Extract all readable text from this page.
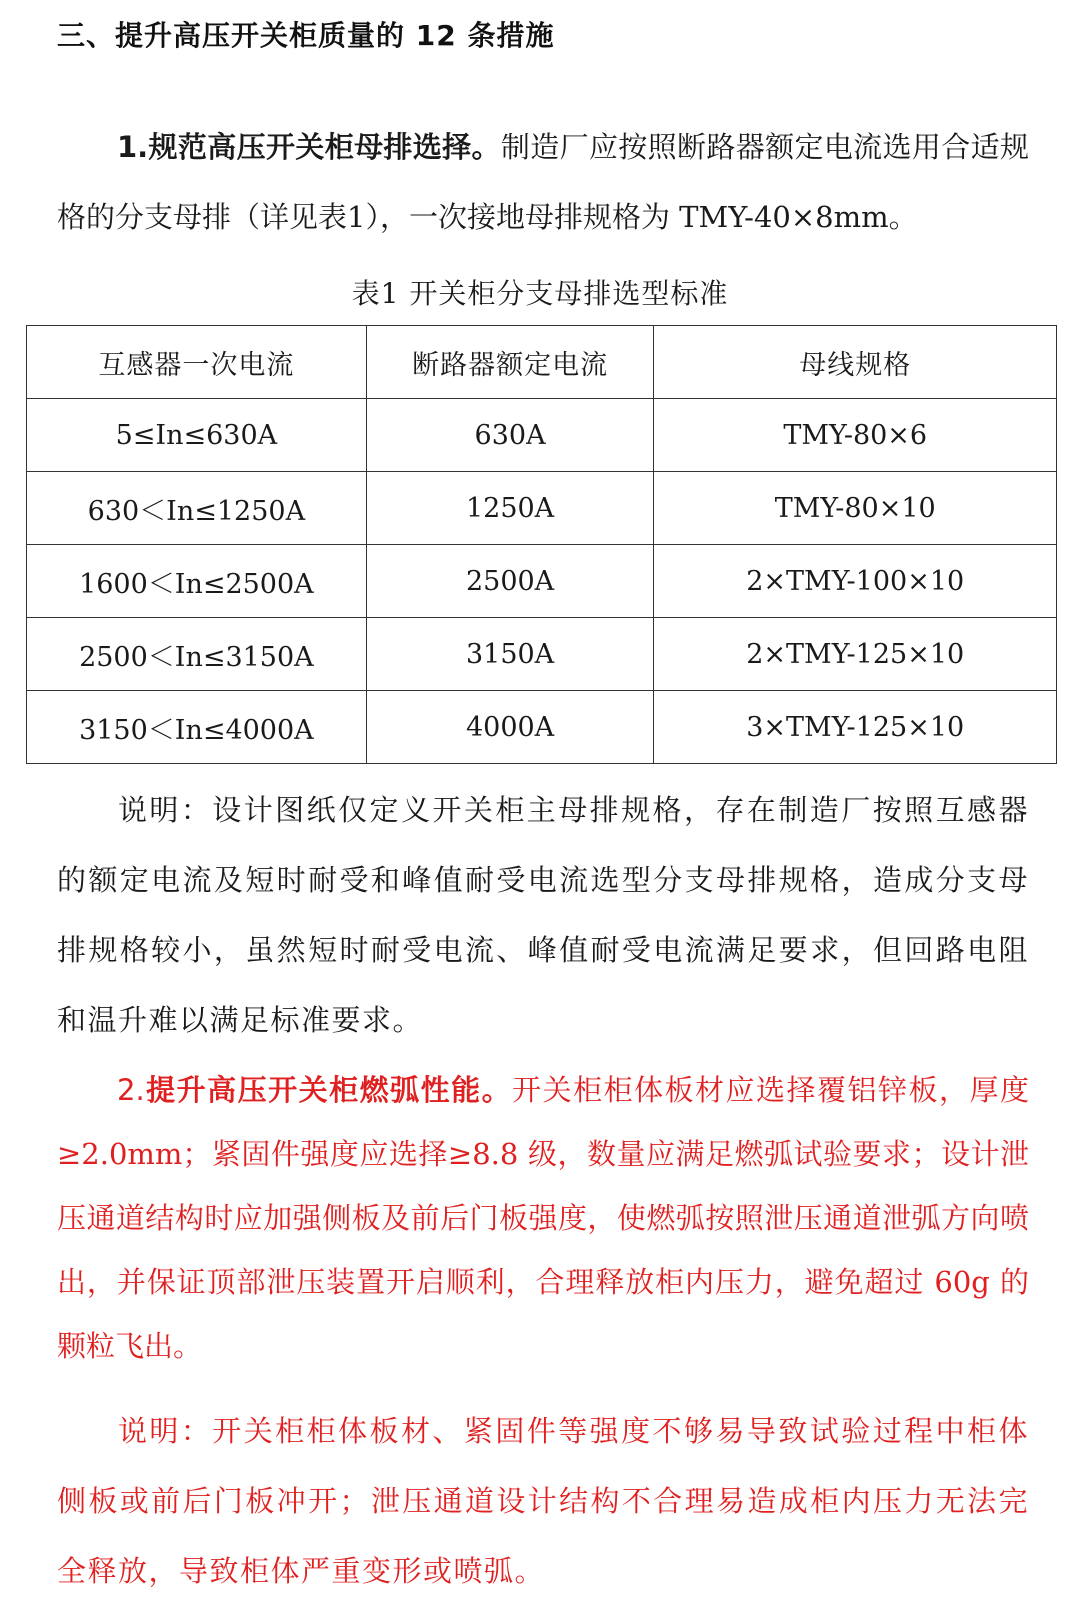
三、提升高压开关柜质量的 12 条措施

1.规范高压开关柜母排选择。制造厂应按照断路器额定电流选用合适规格的分支母排（详见表1），一次接地母排规格为 TMY-40×8mm。

表1 开关柜分支母排选型标准
互感器一次电流	断路器额定电流	母线规格
5≤In≤630A	630A	TMY-80×6
630＜In≤1250A	1250A	TMY-80×10
1600＜In≤2500A	2500A	2×TMY-100×10
2500＜In≤3150A	3150A	2×TMY-125×10
3150＜In≤4000A	4000A	3×TMY-125×10

说明：设计图纸仅定义开关柜主母排规格，存在制造厂按照互感器的额定电流及短时耐受和峰值耐受电流选型分支母排规格，造成分支母排规格较小，虽然短时耐受电流、峰值耐受电流满足要求，但回路电阻和温升难以满足标准要求。

2.提升高压开关柜燃弧性能。开关柜柜体板材应选择覆铝锌板，厚度≥2.0mm；紧固件强度应选择≥8.8 级，数量应满足燃弧试验要求；设计泄压通道结构时应加强侧板及前后门板强度，使燃弧按照泄压通道泄弧方向喷出，并保证顶部泄压装置开启顺利，合理释放柜内压力，避免超过 60g 的颗粒飞出。

说明：开关柜柜体板材、紧固件等强度不够易导致试验过程中柜体侧板或前后门板冲开；泄压通道设计结构不合理易造成柜内压力无法完全释放，导致柜体严重变形或喷弧。
